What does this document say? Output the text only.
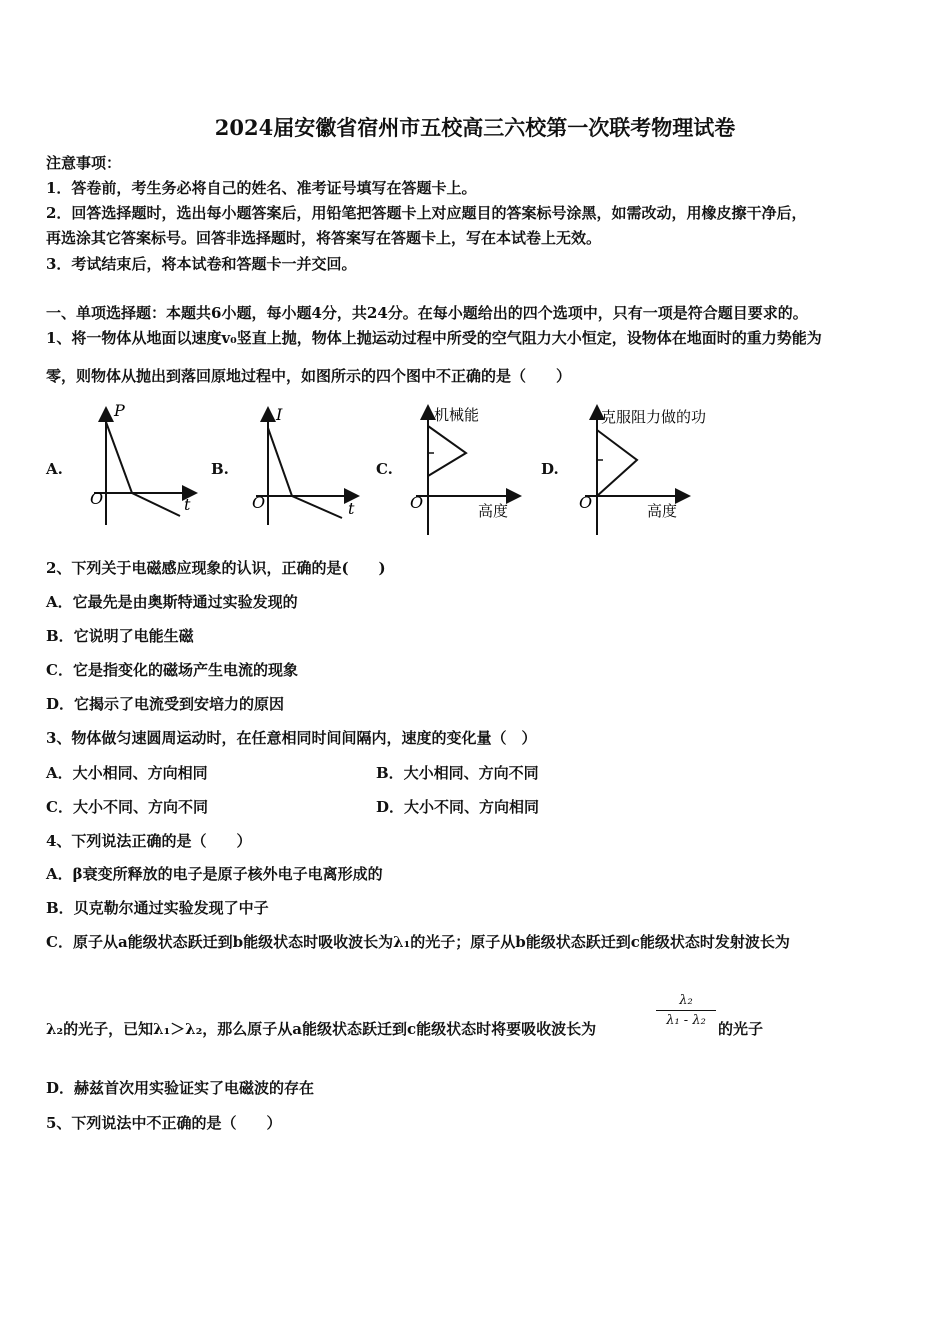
2024届安徽省宿州市五校高三六校第一次联考物理试卷
注意事项：
1．答卷前，考生务必将自己的姓名、准考证号填写在答题卡上。
2．回答选择题时，选出每小题答案后，用铅笔把答题卡上对应题目的答案标号涂黑，如需改动，用橡皮擦干净后，
再选涂其它答案标号。回答非选择题时，将答案写在答题卡上，写在本试卷上无效。
3．考试结束后，将本试卷和答题卡一并交回。
一、单项选择题：本题共6小题，每小题4分，共24分。在每小题给出的四个选项中，只有一项是符合题目要求的。
1、将一物体从地面以速度v₀竖直上抛，物体上抛运动过程中所受的空气阻力大小恒定，设物体在地面时的重力势能为
零，则物体从抛出到落回原地过程中，如图所示的四个图中不正确的是（　　）
A.
P
t
O
B.
I
t
O
C.
机械能
高度
O
D.
克服阻力做的功
高度
O
2、下列关于电磁感应现象的认识，正确的是(　　)
A．它最先是由奥斯特通过实验发现的
B．它说明了电能生磁
C．它是指变化的磁场产生电流的现象
D．它揭示了电流受到安培力的原因
3、物体做匀速圆周运动时，在任意相同时间间隔内，速度的变化量（　）
A．大小相同、方向相同	B．大小相同、方向不同
C．大小不同、方向不同	D．大小不同、方向相同
4、下列说法正确的是（　　）
A．β衰变所释放的电子是原子核外电子电离形成的
B．贝克勒尔通过实验发现了中子
C．原子从a能级状态跃迁到b能级状态时吸收波长为λ₁的光子；原子从b能级状态跃迁到c能级状态时发射波长为
λ₂的光子，已知λ₁＞λ₂，那么原子从a能级状态跃迁到c能级状态时将要吸收波长为
$\frac{\text{λ₂}}{\text{λ₁ - λ₂}}$
的光子
D．赫兹首次用实验证实了电磁波的存在
5、下列说法中不正确的是（　　）
